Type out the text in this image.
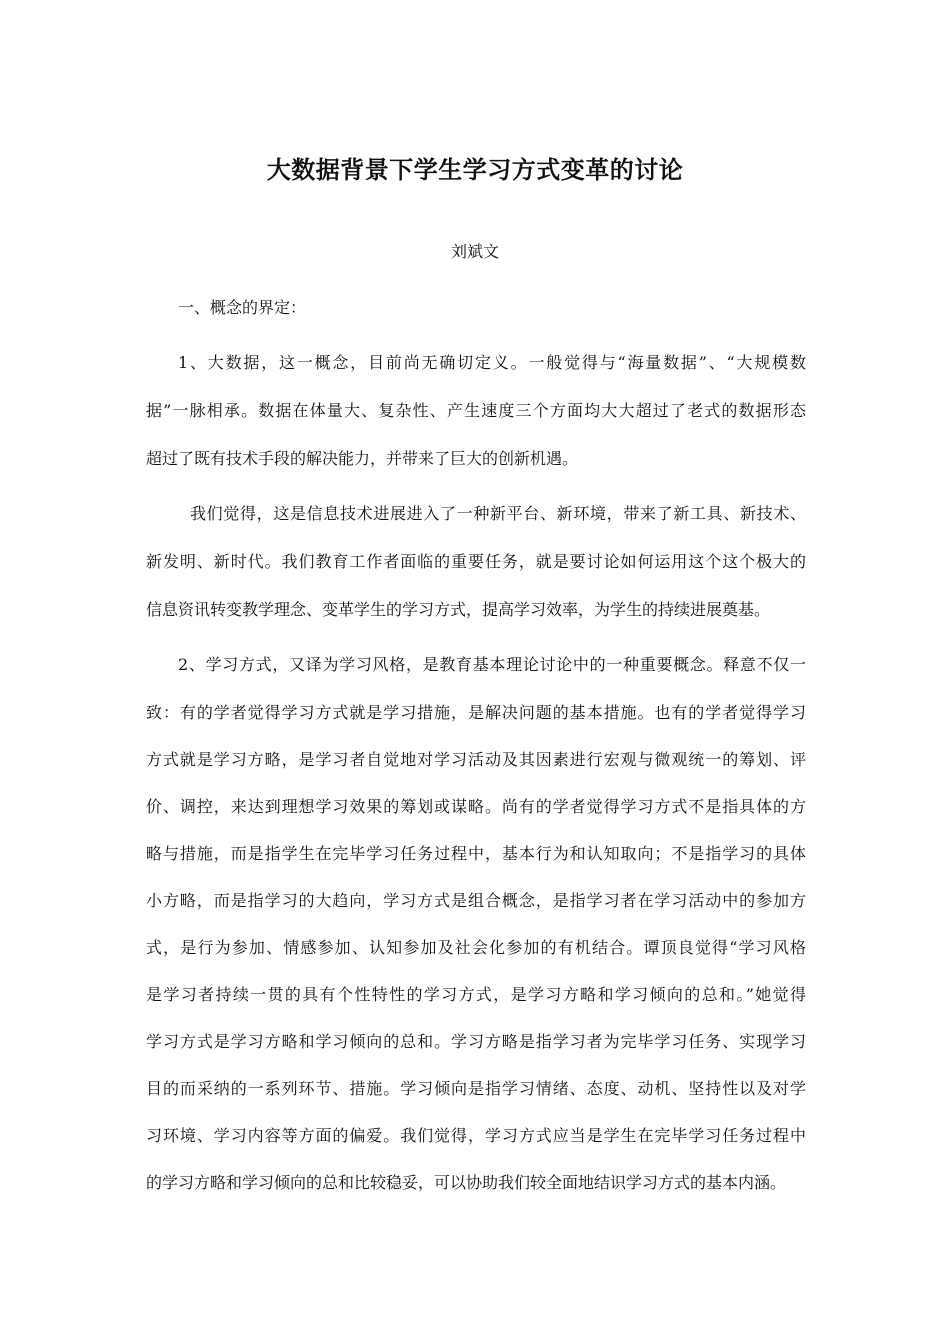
大数据背景下学生学习方式变革的讨论

刘斌文

一、概念的界定：
1、大数据，这一概念，目前尚无确切定义。一般觉得与“海量数据”、“大规模数
据”一脉相承。数据在体量大、复杂性、产生速度三个方面均大大超过了老式的数据形态
超过了既有技术手段的解决能力，并带来了巨大的创新机遇。
我们觉得，这是信息技术进展进入了一种新平台、新环境，带来了新工具、新技术、
新发明、新时代。我们教育工作者面临的重要任务，就是要讨论如何运用这个这个极大的
信息资讯转变教学理念、变革学生的学习方式，提高学习效率，为学生的持续进展奠基。
2、学习方式，又译为学习风格，是教育基本理论讨论中的一种重要概念。释意不仅一
致：有的学者觉得学习方式就是学习措施，是解决问题的基本措施。也有的学者觉得学习
方式就是学习方略，是学习者自觉地对学习活动及其因素进行宏观与微观统一的筹划、评
价、调控，来达到理想学习效果的筹划或谋略。尚有的学者觉得学习方式不是指具体的方
略与措施，而是指学生在完毕学习任务过程中，基本行为和认知取向；不是指学习的具体
小方略，而是指学习的大趋向，学习方式是组合概念，是指学习者在学习活动中的参加方
式，是行为参加、情感参加、认知参加及社会化参加的有机结合。谭顶良觉得“学习风格
是学习者持续一贯的具有个性特性的学习方式，是学习方略和学习倾向的总和。”她觉得
学习方式是学习方略和学习倾向的总和。学习方略是指学习者为完毕学习任务、实现学习
目的而采纳的一系列环节、措施。学习倾向是指学习情绪、态度、动机、坚持性以及对学
习环境、学习内容等方面的偏爱。我们觉得，学习方式应当是学生在完毕学习任务过程中
的学习方略和学习倾向的总和比较稳妥，可以协助我们较全面地结识学习方式的基本内涵。
